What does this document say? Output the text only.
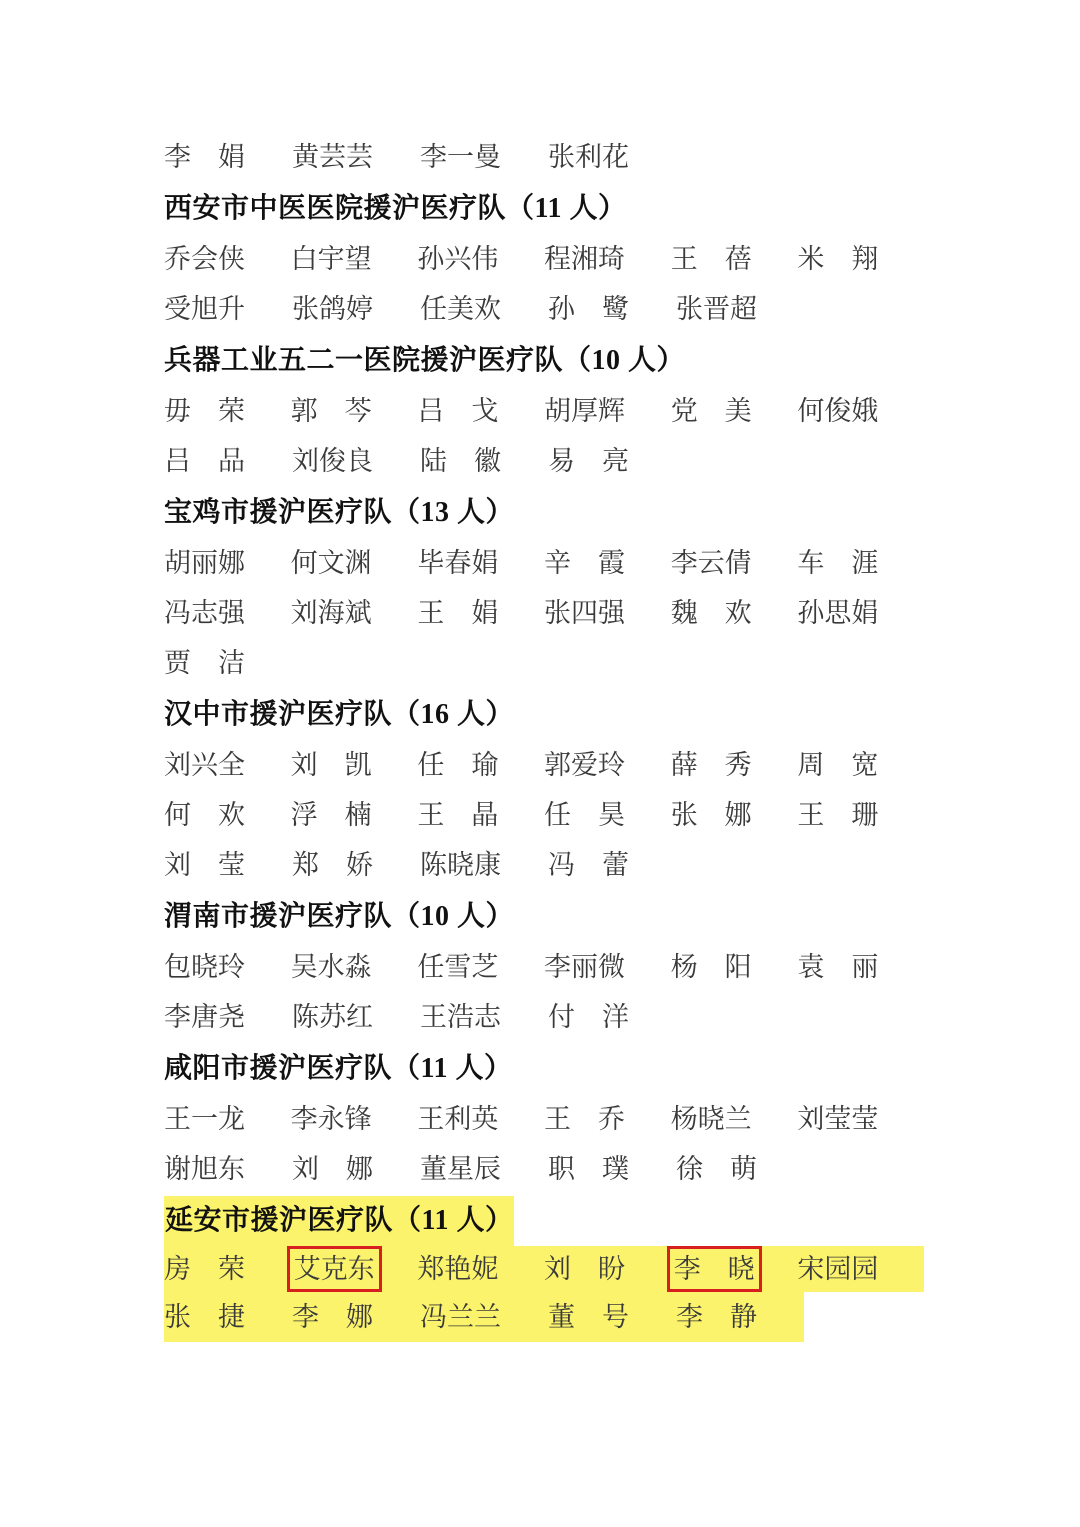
李　娟	黄芸芸	李一曼	张利花
西安市中医医院援沪医疗队（11 人）
乔会侠	白宇望	孙兴伟	程湘琦	王　蓓	米　翔
受旭升	张鸽婷	任美欢	孙　鹭	张晋超
兵器工业五二一医院援沪医疗队（10 人）
毋　荣	郭　芩	吕　戈	胡厚辉	党　美	何俊娥
吕　品	刘俊良	陆　徽	易　亮
宝鸡市援沪医疗队（13 人）
胡丽娜	何文渊	毕春娟	辛　霞	李云倩	车　涯
冯志强	刘海斌	王　娟	张四强	魏　欢	孙思娟
贾　洁
汉中市援沪医疗队（16 人）
刘兴全	刘　凯	任　瑜	郭爱玲	薛　秀	周　宽
何　欢	浮　楠	王　晶	任　昊	张　娜	王　珊
刘　莹	郑　娇	陈晓康	冯　蕾
渭南市援沪医疗队（10 人）
包晓玲	吴水淼	任雪芝	李丽微	杨　阳	袁　丽
李唐尧	陈苏红	王浩志	付　洋
咸阳市援沪医疗队（11 人）
王一龙	李永锋	王利英	王　乔	杨晓兰	刘莹莹
谢旭东	刘　娜	董星辰	职　璞	徐　萌
延安市援沪医疗队（11 人）
房　荣	艾克东	郑艳妮	刘　盼	李　晓	宋园园
张　捷	李　娜	冯兰兰	董　号	李　静
